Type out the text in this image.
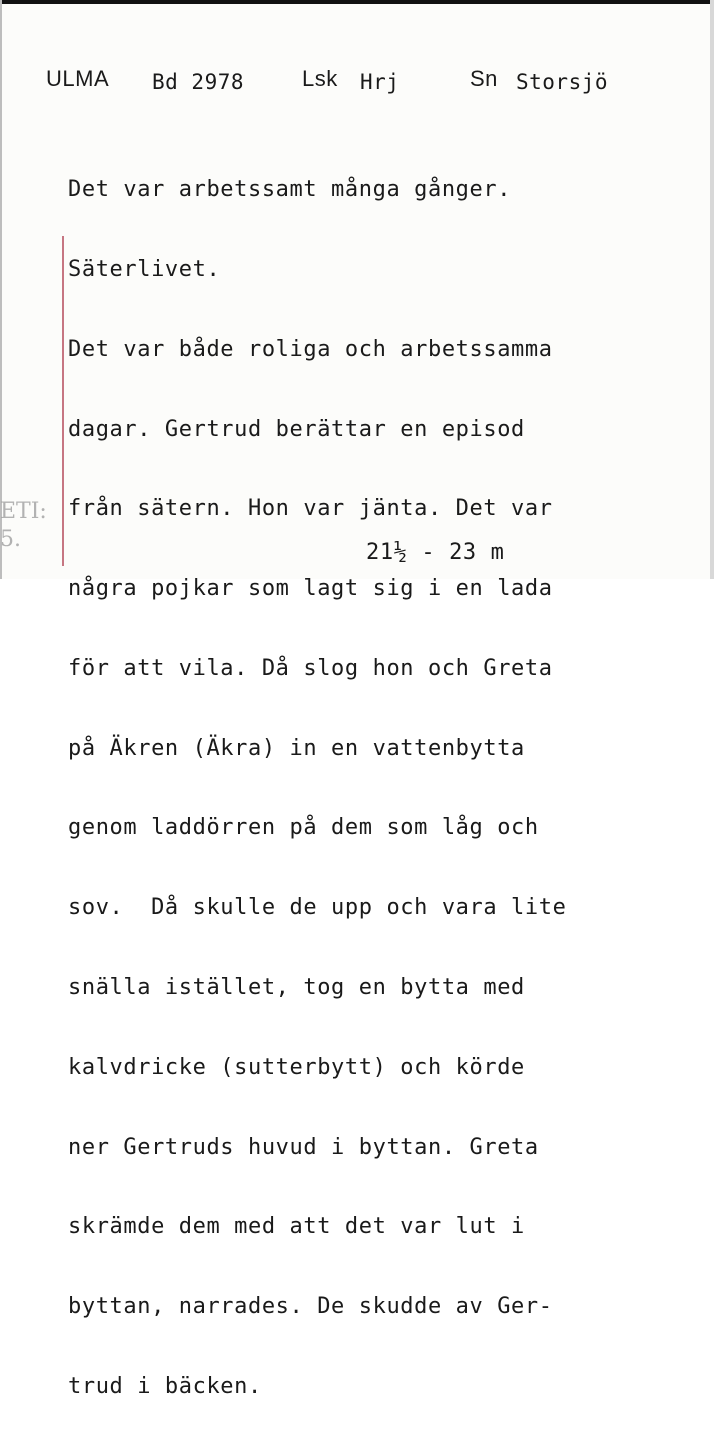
ULMA Bd 2978	Lsk Hrj	Sn Storsjö

Det var arbetssamt många gånger.

Säterlivet.

Det var både roliga och arbetssamma

dagar. Gertrud berättar en episod

från sätern. Hon var jänta. Det var

några pojkar som lagt sig i en lada

för att vila. Då slog hon och Greta

på Äkren (Äkra) in en vattenbytta

genom laddörren på dem som låg och

sov.  Då skulle de upp och vara lite

snälla istället, tog en bytta med

kalvdricke (sutterbytt) och körde

ner Gertruds huvud i byttan. Greta

skrämde dem med att det var lut i

byttan, narrades. De skudde av Ger-

trud i bäcken.

21½ - 23 m
ETI: 5.
